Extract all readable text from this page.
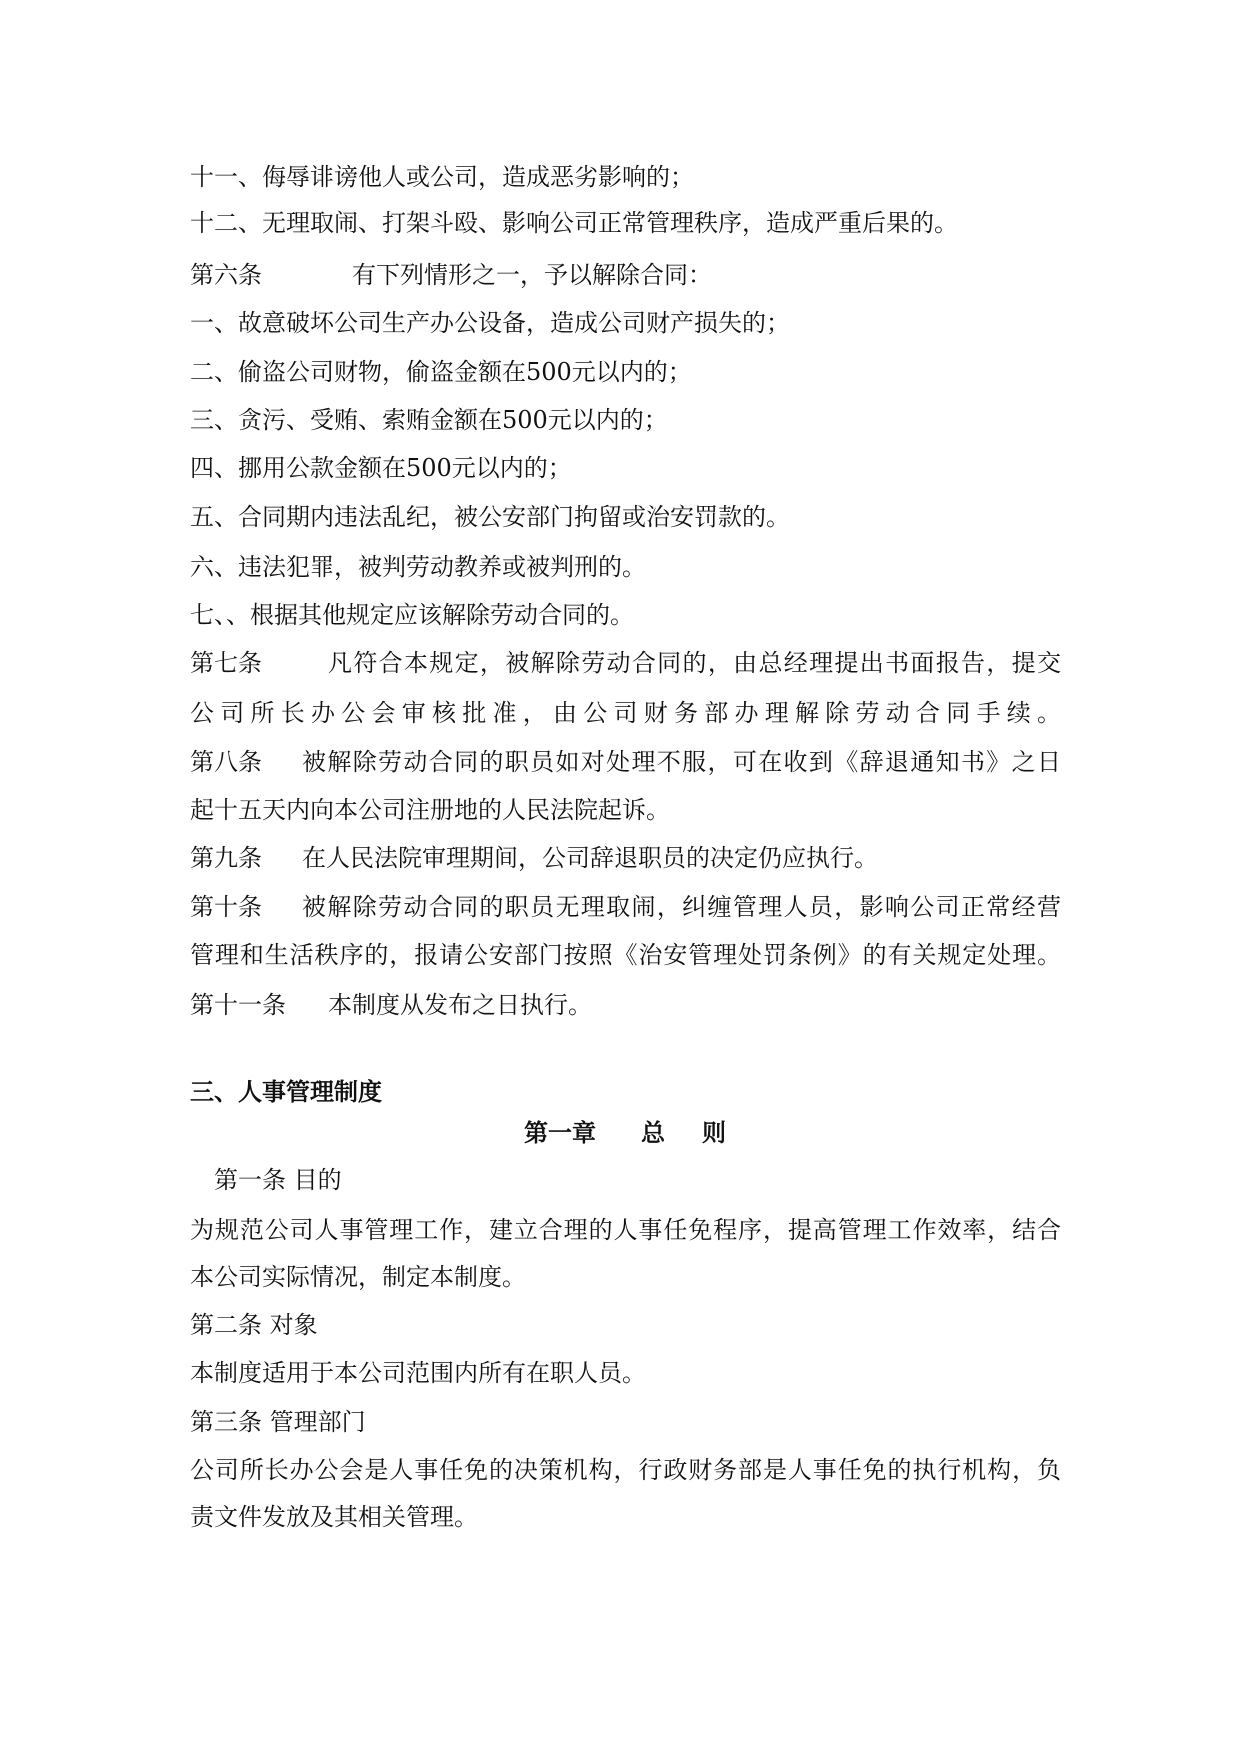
十一、侮辱诽谤他人或公司，造成恶劣影响的；
十二、无理取闹、打架斗殴、影响公司正常管理秩序，造成严重后果的。
第六条	有下列情形之一，予以解除合同：
一、故意破坏公司生产办公设备，造成公司财产损失的；
二、偷盗公司财物，偷盗金额在500元以内的；
三、贪污、受贿、索贿金额在500元以内的；
四、挪用公款金额在500元以内的；
五、合同期内违法乱纪，被公安部门拘留或治安罚款的。
六、违法犯罪，被判劳动教养或被判刑的。
七、、根据其他规定应该解除劳动合同的。
第七条	凡符合本规定，被解除劳动合同的，由总经理提出书面报告，提交
公司所长办公会审核批准，由公司财务部办理解除劳动合同手续。
第八条 被解除劳动合同的职员如对处理不服，可在收到《辞退通知书》之日
起十五天内向本公司注册地的人民法院起诉。
第九条 在人民法院审理期间，公司辞退职员的决定仍应执行。
第十条 被解除劳动合同的职员无理取闹，纠缠管理人员，影响公司正常经营
管理和生活秩序的，报请公安部门按照《治安管理处罚条例》的有关规定处理。
第十一条 本制度从发布之日执行。
三、人事管理制度
第一章 总 则
第一条 目的
为规范公司人事管理工作，建立合理的人事任免程序，提高管理工作效率，结合
本公司实际情况，制定本制度。
第二条 对象
本制度适用于本公司范围内所有在职人员。
第三条 管理部门
公司所长办公会是人事任免的决策机构，行政财务部是人事任免的执行机构，负
责文件发放及其相关管理。
